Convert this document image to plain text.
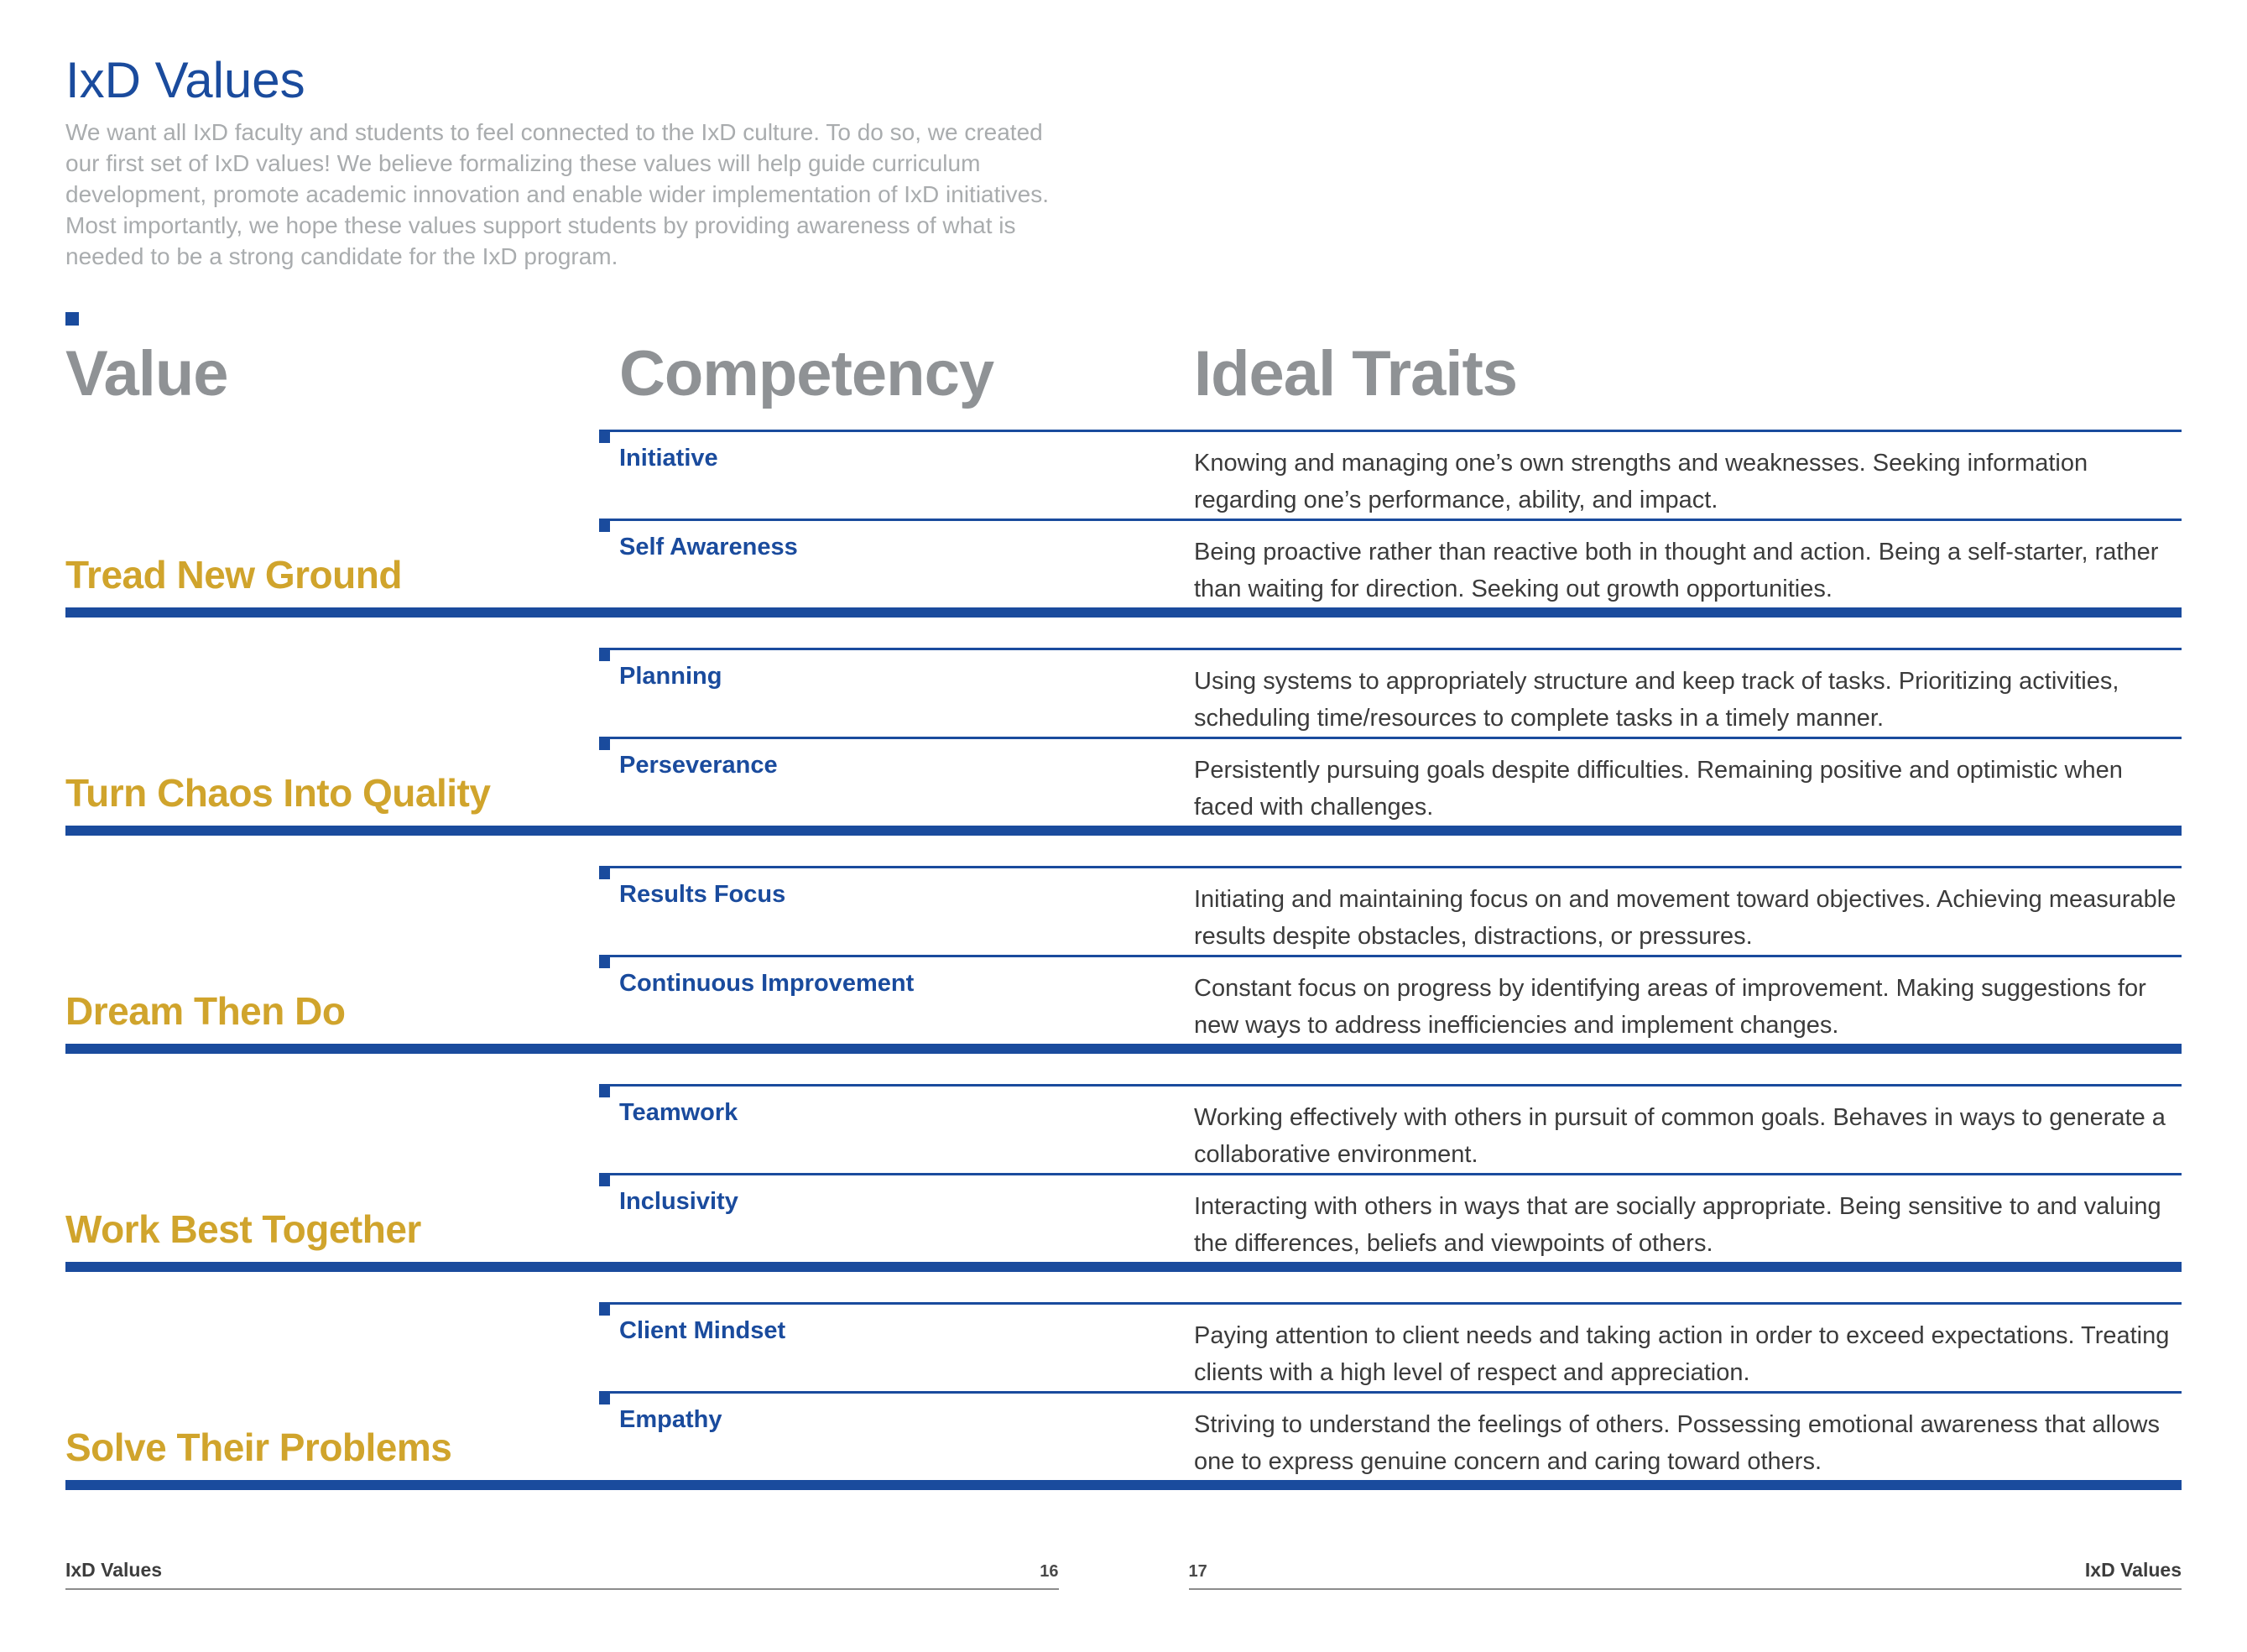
IxD Values

We want all IxD faculty and students to feel connected to the IxD culture. To do so, we created our first set of IxD values! We believe formalizing these values will help guide curriculum development, promote academic innovation and enable wider implementation of IxD initiatives. Most importantly, we hope these values support students by providing awareness of what is needed to be a strong candidate for the IxD program.

Value	Competency	Ideal Traits
Tread New Ground
Initiative	Knowing and managing one’s own strengths and weaknesses. Seeking information regarding one’s performance, ability, and impact.
Self Awareness	Being proactive rather than reactive both in thought and action. Being a self-starter, rather than waiting for direction. Seeking out growth opportunities.
Turn Chaos Into Quality
Planning	Using systems to appropriately structure and keep track of tasks. Prioritizing activities, scheduling time/resources to complete tasks in a timely manner.
Perseverance	Persistently pursuing goals despite difficulties. Remaining positive and optimistic when faced with challenges.
Dream Then Do
Results Focus	Initiating and maintaining focus on and movement toward objectives. Achieving measurable results despite obstacles, distractions, or pressures.
Continuous Improvement	Constant focus on progress by identifying areas of improvement. Making suggestions for new ways to address inefficiencies and implement changes.
Work Best Together
Teamwork	Working effectively with others in pursuit of common goals. Behaves in ways to generate a collaborative environment.
Inclusivity	Interacting with others in ways that are socially appropriate. Being sensitive to and valuing the differences, beliefs and viewpoints of others.
Solve Their Problems
Client Mindset	Paying attention to client needs and taking action in order to exceed expectations. Treating clients with a high level of respect and appreciation.
Empathy	Striving to understand the feelings of others. Possessing emotional awareness that allows one to express genuine concern and caring toward others.
IxD Values	16	17	IxD Values
